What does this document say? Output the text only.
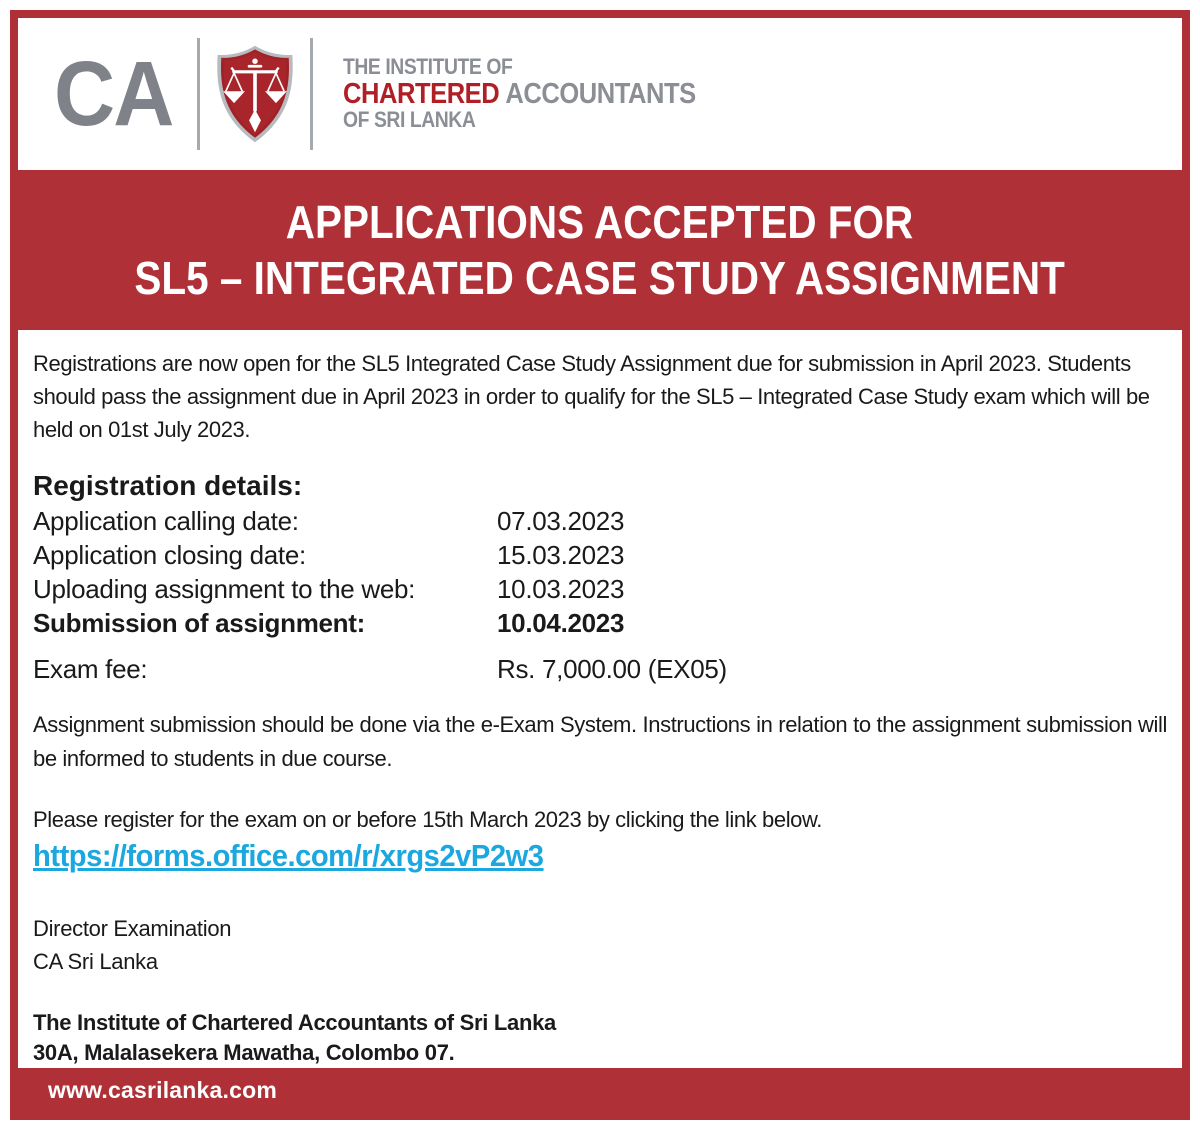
CA	THE INSTITUTE OF
CHARTERED ACCOUNTANTS
OF SRI LANKA
APPLICATIONS ACCEPTED FOR
SL5 – INTEGRATED CASE STUDY ASSIGNMENT

Registrations are now open for the SL5 Integrated Case Study Assignment due for submission in April 2023. Students should pass the assignment due in April 2023 in order to qualify for the SL5 – Integrated Case Study exam which will be held on 01st July 2023.

Registration details:
Application calling date:	07.03.2023
Application closing date:	15.03.2023
Uploading assignment to the web:	10.03.2023
Submission of assignment:	10.04.2023
Exam fee:	Rs. 7,000.00 (EX05)

Assignment submission should be done via the e-Exam System. Instructions in relation to the assignment submission will be informed to students in due course.

Please register for the exam on or before 15th March 2023 by clicking the link below.

https://forms.office.com/r/xrgs2vP2w3

Director Examination
CA Sri Lanka

The Institute of Chartered Accountants of Sri Lanka
30A, Malalasekera Mawatha, Colombo 07.

www.casrilanka.com
